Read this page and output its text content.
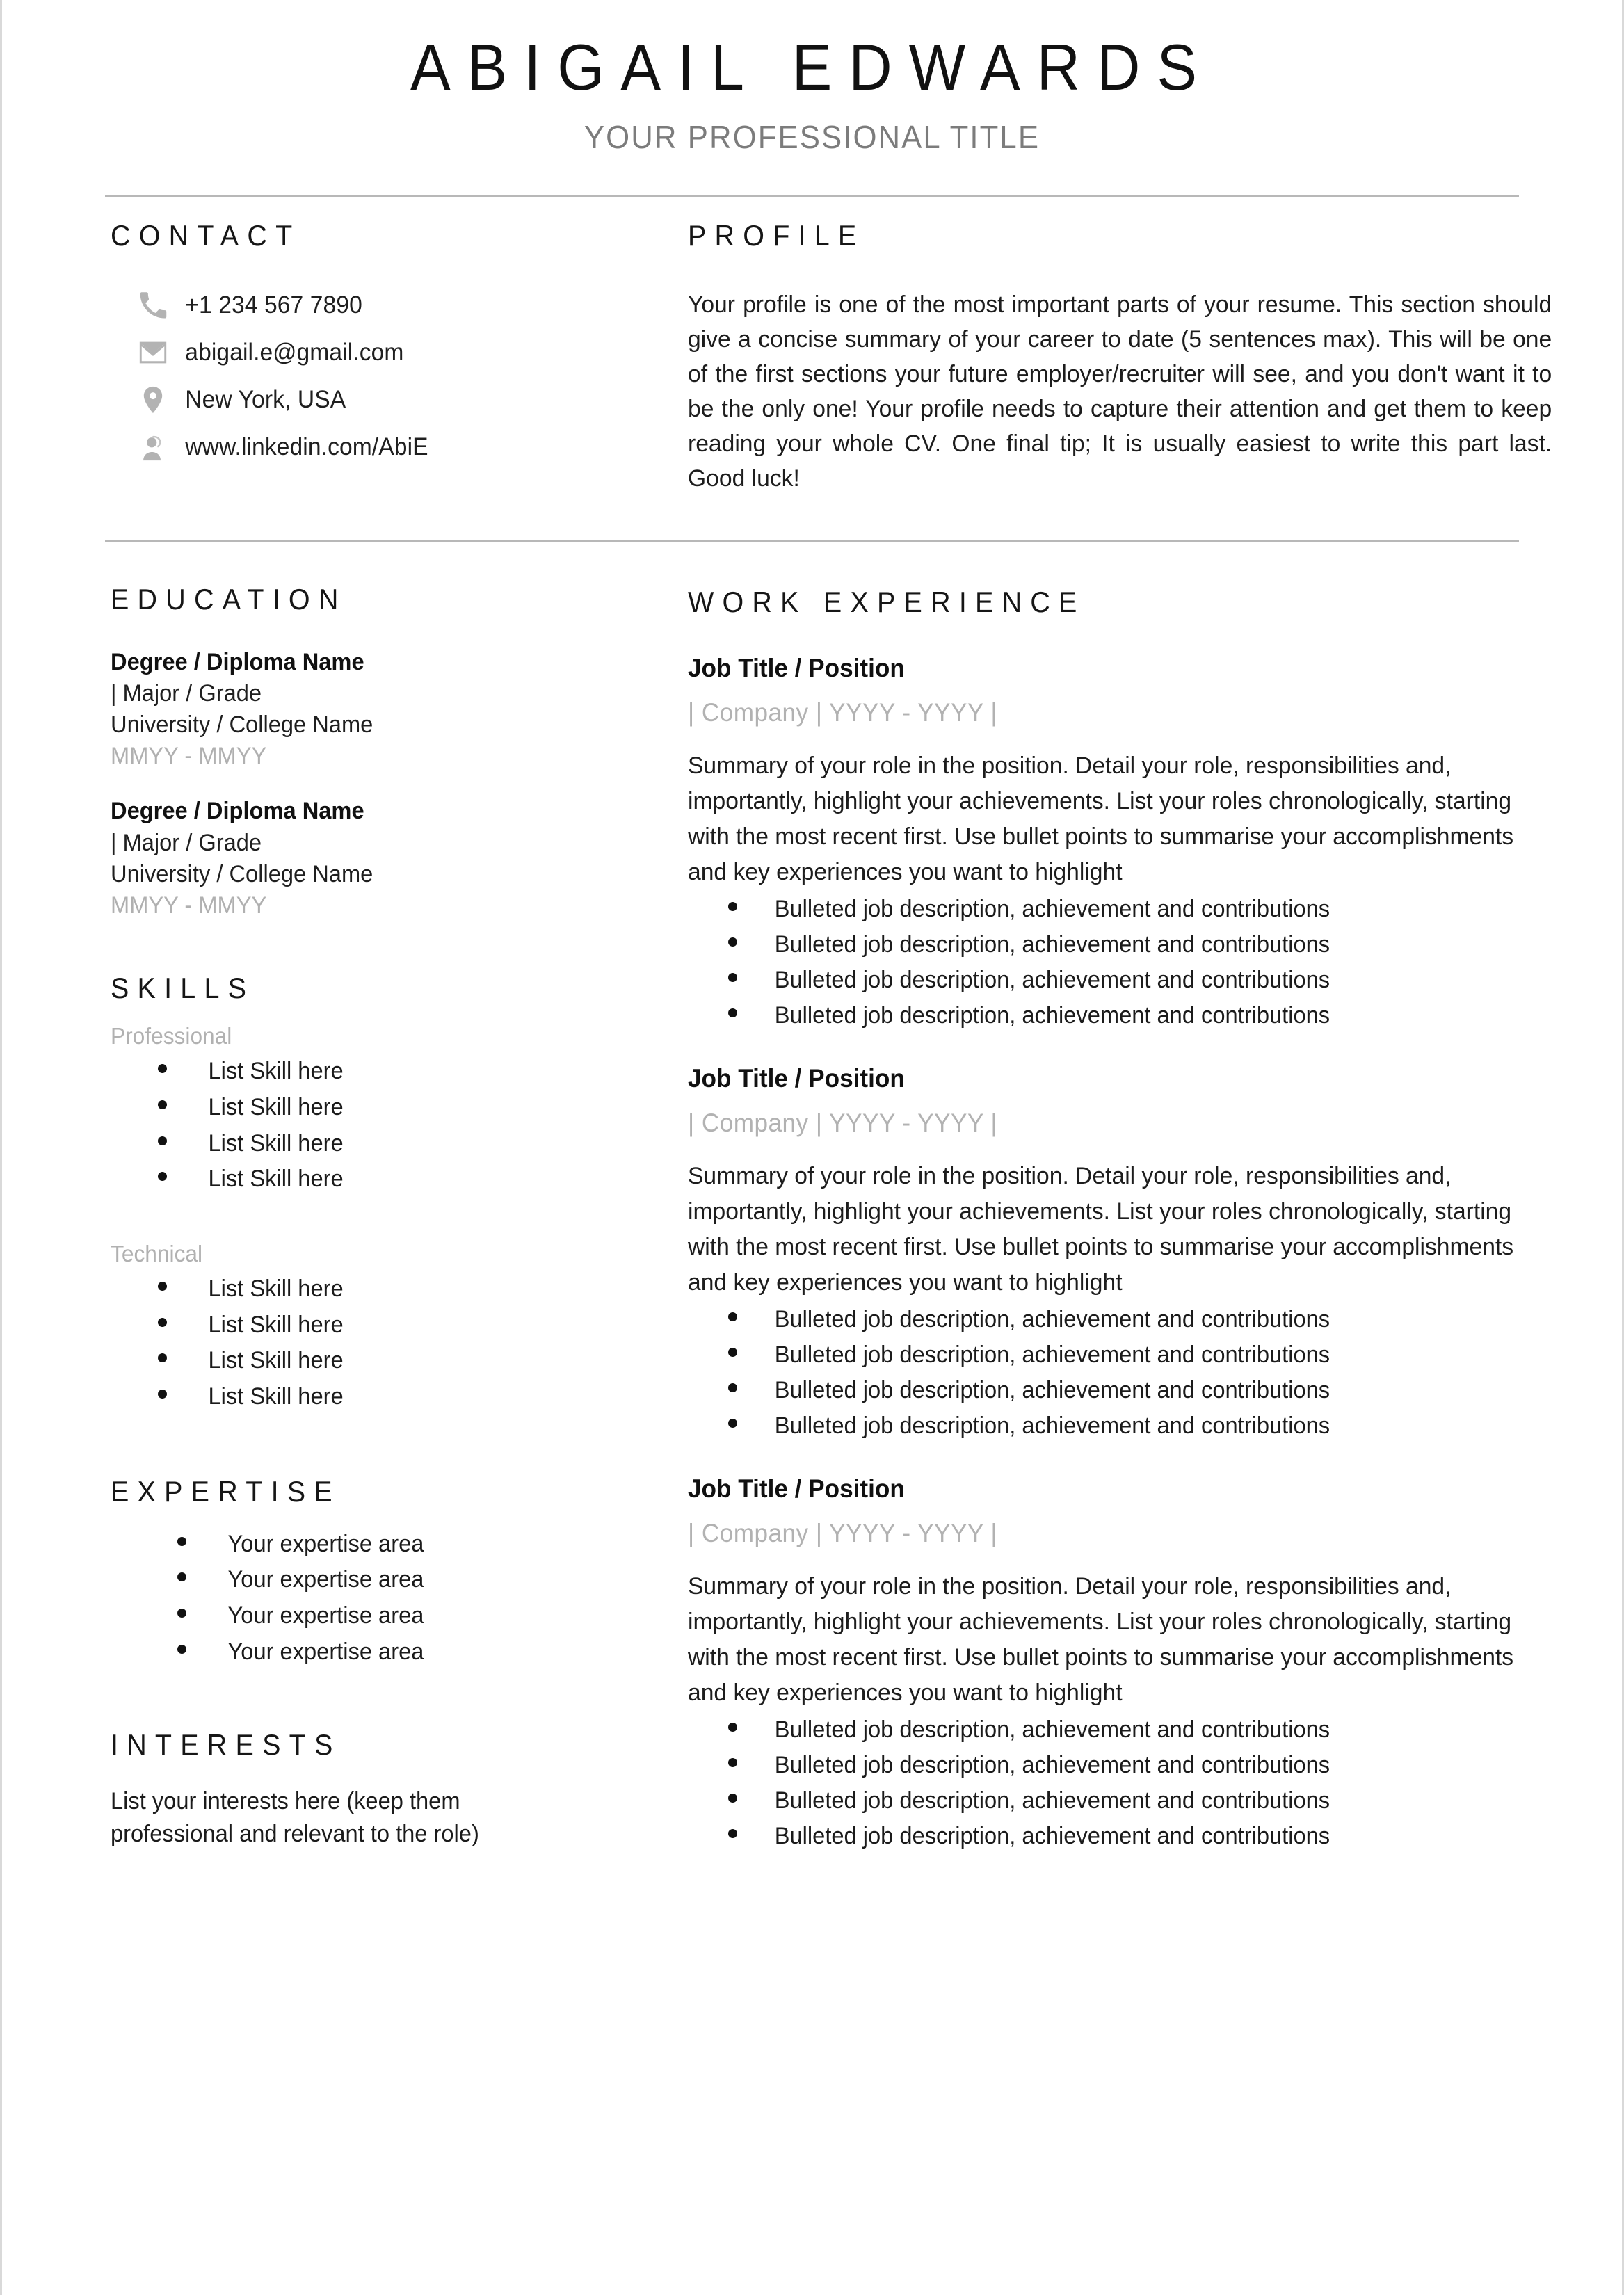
ABIGAIL EDWARDS
YOUR PROFESSIONAL TITLE
CONTACT
+1 234 567 7890
abigail.e@gmail.com
New York, USA
www.linkedin.com/AbiE
PROFILE
Your profile is one of the most important parts of your resume. This section should give a concise summary of your career to date (5 sentences max). This will be one of the first sections your future employer/recruiter will see, and you don't want it to be the only one! Your profile needs to capture their attention and get them to keep reading your whole CV. One final tip; It is usually easiest to write this part last. Good luck!
EDUCATION
Degree / Diploma Name
| Major / Grade
University / College Name
MMYY - MMYY
Degree / Diploma Name
| Major / Grade
University / College Name
MMYY - MMYY
SKILLS
Professional
List Skill here
List Skill here
List Skill here
List Skill here
Technical
List Skill here
List Skill here
List Skill here
List Skill here
EXPERTISE
Your expertise area
Your expertise area
Your expertise area
Your expertise area
INTERESTS
List your interests here (keep them professional and relevant to the role)
WORK EXPERIENCE
Job Title / Position
| Company | YYYY - YYYY |
Summary of your role in the position. Detail your role, responsibilities and, importantly, highlight your achievements. List your roles chronologically, starting with the most recent first. Use bullet points to summarise your accomplishments and key experiences you want to highlight
Bulleted job description, achievement and contributions
Bulleted job description, achievement and contributions
Bulleted job description, achievement and contributions
Bulleted job description, achievement and contributions
Job Title / Position
| Company | YYYY - YYYY |
Summary of your role in the position. Detail your role, responsibilities and, importantly, highlight your achievements. List your roles chronologically, starting with the most recent first. Use bullet points to summarise your accomplishments and key experiences you want to highlight
Bulleted job description, achievement and contributions
Bulleted job description, achievement and contributions
Bulleted job description, achievement and contributions
Bulleted job description, achievement and contributions
Job Title / Position
| Company | YYYY - YYYY |
Summary of your role in the position. Detail your role, responsibilities and, importantly, highlight your achievements. List your roles chronologically, starting with the most recent first. Use bullet points to summarise your accomplishments and key experiences you want to highlight
Bulleted job description, achievement and contributions
Bulleted job description, achievement and contributions
Bulleted job description, achievement and contributions
Bulleted job description, achievement and contributions
